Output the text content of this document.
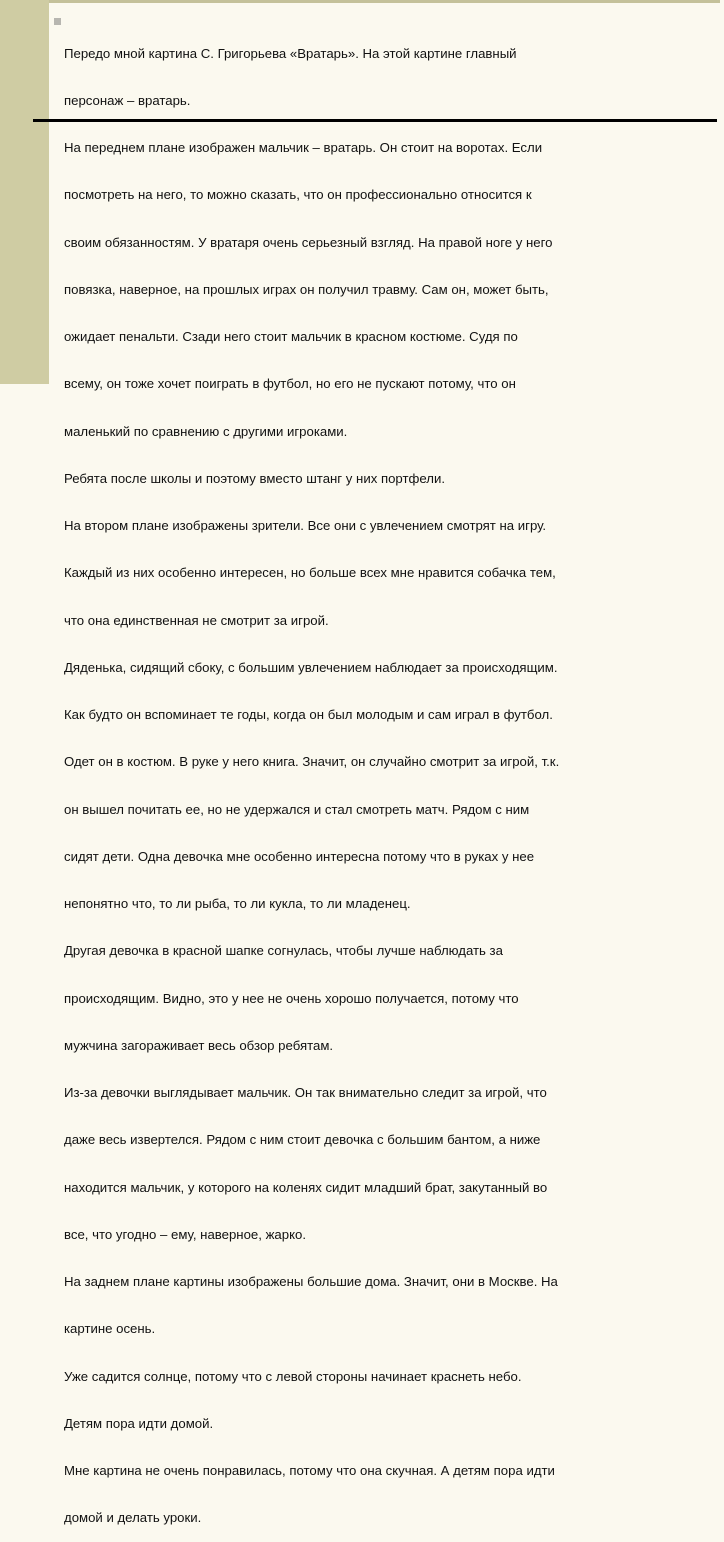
Передо мной картина С. Григорьева «Вратарь». На этой картине главный

персонаж – вратарь.

На переднем плане изображен мальчик – вратарь. Он стоит на воротах. Если

посмотреть на него, то можно сказать, что он профессионально относится к

своим обязанностям. У вратаря очень серьезный взгляд. На правой ноге у него

повязка, наверное, на прошлых играх он получил травму. Сам он, может быть,

ожидает пенальти. Сзади него стоит мальчик в красном костюме. Судя по

всему, он тоже хочет поиграть в футбол, но его не пускают потому, что он

маленький по сравнению с другими игроками.

Ребята после школы и поэтому вместо штанг у них портфели.

На втором плане изображены зрители. Все они с увлечением смотрят на игру.

Каждый из них особенно интересен, но больше всех мне нравится собачка тем,

что она единственная не смотрит за игрой.

Дяденька, сидящий сбоку, с большим увлечением наблюдает за происходящим.

Как будто он вспоминает те годы, когда он был молодым и сам играл в футбол.

Одет он в костюм. В руке у него книга. Значит, он случайно смотрит за игрой, т.к.

он вышел почитать ее, но не удержался и стал смотреть матч. Рядом с ним

сидят дети. Одна девочка мне особенно интересна потому что в руках у нее

непонятно что, то ли рыба, то ли кукла, то ли младенец.

Другая девочка в красной шапке согнулась, чтобы лучше наблюдать за

происходящим. Видно, это у нее не очень хорошо получается, потому что

мужчина загораживает весь обзор ребятам.

Из-за девочки выглядывает мальчик. Он так внимательно следит за игрой, что

даже весь извертелся. Рядом с ним стоит девочка с большим бантом, а ниже

находится мальчик, у которого на коленях сидит младший брат, закутанный во

все, что угодно – ему, наверное, жарко.

На заднем плане картины изображены большие дома. Значит, они в Москве. На

картине осень.

Уже садится солнце, потому что с левой стороны начинает краснеть небо.

Детям пора идти домой.

Мне картина не очень понравилась, потому что она скучная. А детям пора идти

домой и делать уроки.
